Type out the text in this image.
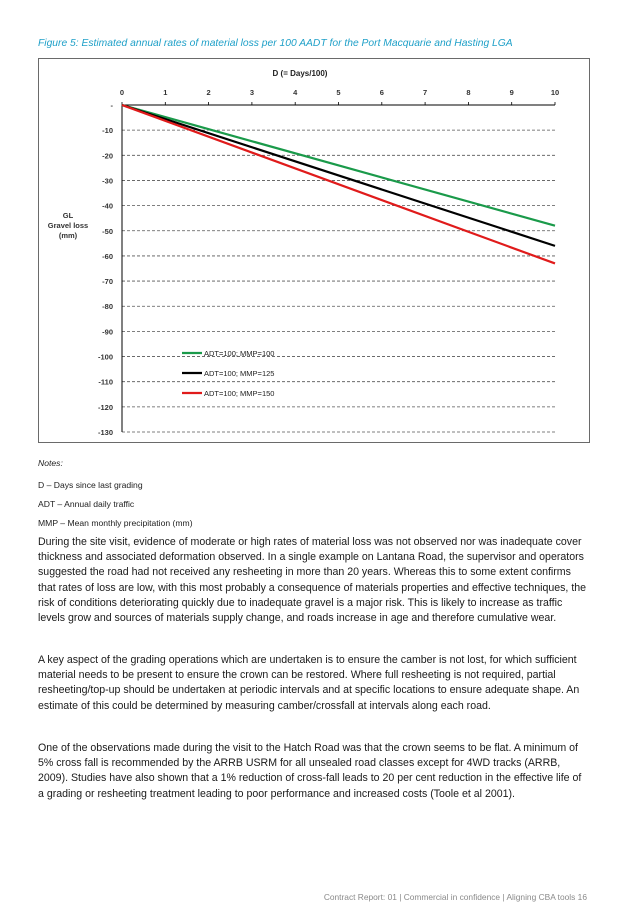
Figure 5: Estimated annual rates of material loss per 100 AADT for the Port Macquarie and Hasting LGA
D (= Days/100)
0	1	2	3	4	5	6	7	8	9	10
-
-10
-20
-30
-40
-50
-60
-70
-80
-90
-100
-110
-120
-130
GL
Gravel loss
(mm)
ADT=100; MMP=100
ADT=100; MMP=125
ADT=100; MMP=150
Notes:
D – Days since last grading
ADT – Annual daily traffic
MMP – Mean monthly precipitation (mm)

During the site visit, evidence of moderate or high rates of material loss was not observed nor was inadequate cover thickness and associated deformation observed. In a single example on Lantana Road, the supervisor and operators suggested the road had not received any resheeting in more than 20 years. Whereas this to some extent confirms that rates of loss are low, with this most probably a consequence of materials properties and effective techniques, the risk of conditions deteriorating quickly due to inadequate gravel is a major risk. This is likely to increase as traffic levels grow and sources of materials supply change, and roads increase in age and therefore cumulative wear.

A key aspect of the grading operations which are undertaken is to ensure the camber is not lost, for which sufficient material needs to be present to ensure the crown can be restored. Where full resheeting is not required, partial resheeting/top-up should be undertaken at periodic intervals and at specific locations to ensure adequate shape. An estimate of this could be determined by measuring camber/crossfall at intervals along each road.

One of the observations made during the visit to the Hatch Road was that the crown seems to be flat. A minimum of 5% cross fall is recommended by the ARRB USRM for all unsealed road classes except for 4WD tracks (ARRB, 2009). Studies have also shown that a 1% reduction of cross-fall leads to 20 per cent reduction in the effective life of a grading or resheeting treatment leading to poor performance and increased costs (Toole et al 2001).

Contract Report: 01 | Commercial in confidence | Aligning CBA tools 16
